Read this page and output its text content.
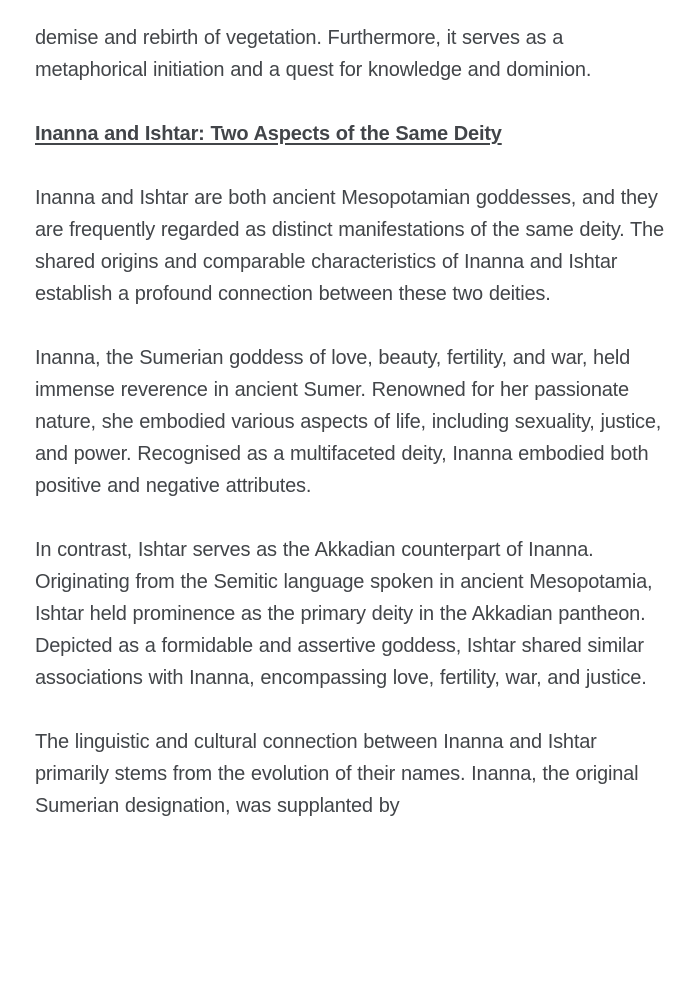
demise and rebirth of vegetation. Furthermore, it serves as a metaphorical initiation and a quest for knowledge and dominion.

Inanna and Ishtar: Two Aspects of the Same Deity

Inanna and Ishtar are both ancient Mesopotamian goddesses, and they are frequently regarded as distinct manifestations of the same deity. The shared origins and comparable characteristics of Inanna and Ishtar establish a profound connection between these two deities.

Inanna, the Sumerian goddess of love, beauty, fertility, and war, held immense reverence in ancient Sumer. Renowned for her passionate nature, she embodied various aspects of life, including sexuality, justice, and power. Recognised as a multifaceted deity, Inanna embodied both positive and negative attributes.

In contrast, Ishtar serves as the Akkadian counterpart of Inanna. Originating from the Semitic language spoken in ancient Mesopotamia, Ishtar held prominence as the primary deity in the Akkadian pantheon. Depicted as a formidable and assertive goddess, Ishtar shared similar associations with Inanna, encompassing love, fertility, war, and justice.

The linguistic and cultural connection between Inanna and Ishtar primarily stems from the evolution of their names. Inanna, the original Sumerian designation, was supplanted by
